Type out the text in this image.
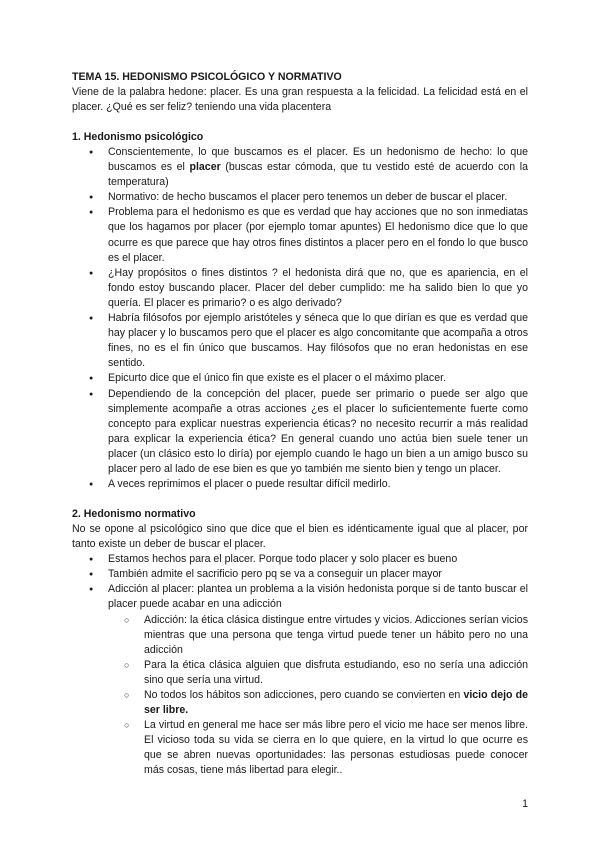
TEMA 15. HEDONISMO PSICOLÓGICO Y NORMATIVO

Viene de la palabra hedone: placer. Es una gran respuesta a la felicidad. La felicidad está en el placer. ¿Qué es ser feliz? teniendo una vida placentera

1. Hedonismo psicológico
● Conscientemente, lo que buscamos es el placer. Es un hedonismo de hecho: lo que buscamos es el placer (buscas estar cómoda, que tu vestido esté de acuerdo con la temperatura)
● Normativo: de hecho buscamos el placer pero tenemos un deber de buscar el placer.
● Problema para el hedonismo es que es verdad que hay acciones que no son inmediatas que los hagamos por placer (por ejemplo tomar apuntes) El hedonismo dice que lo que ocurre es que parece que hay otros fines distintos a placer pero en el fondo lo que busco es el placer.
● ¿Hay propósitos o fines distintos ? el hedonista dirá que no, que es apariencia, en el fondo estoy buscando placer. Placer del deber cumplido: me ha salido bien lo que yo quería. El placer es primario? o es algo derivado?
● Habría filósofos por ejemplo aristóteles y séneca que lo que dirían es que es verdad que hay placer y lo buscamos pero que el placer es algo concomitante que acompaña a otros fines, no es el fin único que buscamos. Hay filósofos que no eran hedonistas en ese sentido.
● Epicurto dice que el único fin que existe es el placer o el máximo placer.
● Dependiendo de la concepción del placer, puede ser primario o puede ser algo que simplemente acompañe a otras acciones ¿es el placer lo suficientemente fuerte como concepto para explicar nuestras experiencia éticas? no necesito recurrir a más realidad para explicar la experiencia ética? En general cuando uno actúa bien suele tener un placer (un clásico esto lo diría) por ejemplo cuando le hago un bien a un amigo busco su placer pero al lado de ese bien es que yo también me siento bien y tengo un placer.
● A veces reprimimos el placer o puede resultar difícil medirlo.
2. Hedonismo normativo

No se opone al psicológico sino que dice que el bien es idénticamente igual que al placer, por tanto existe un deber de buscar el placer.

● Estamos hechos para el placer. Porque todo placer y solo placer es bueno
● También admite el sacrificio pero pq se va a conseguir un placer mayor
● Adicción al placer: plantea un problema a la visión hedonista porque si de tanto buscar el placer puede acabar en una adicción
○ Adicción: la ética clásica distingue entre virtudes y vicios. Adicciones serían vicios mientras que una persona que tenga virtud puede tener un hábito pero no una adicción
○ Para la ética clásica alguien que disfruta estudiando, eso no sería una adicción sino que sería una virtud.
○ No todos los hábitos son adicciones, pero cuando se convierten en vicio dejo de ser libre.
○ La virtud en general me hace ser más libre pero el vicio me hace ser menos libre. El vicioso toda su vida se cierra en lo que quiere, en la virtud lo que ocurre es que se abren nuevas oportunidades: las personas estudiosas puede conocer más cosas, tiene más libertad para elegir..
1
